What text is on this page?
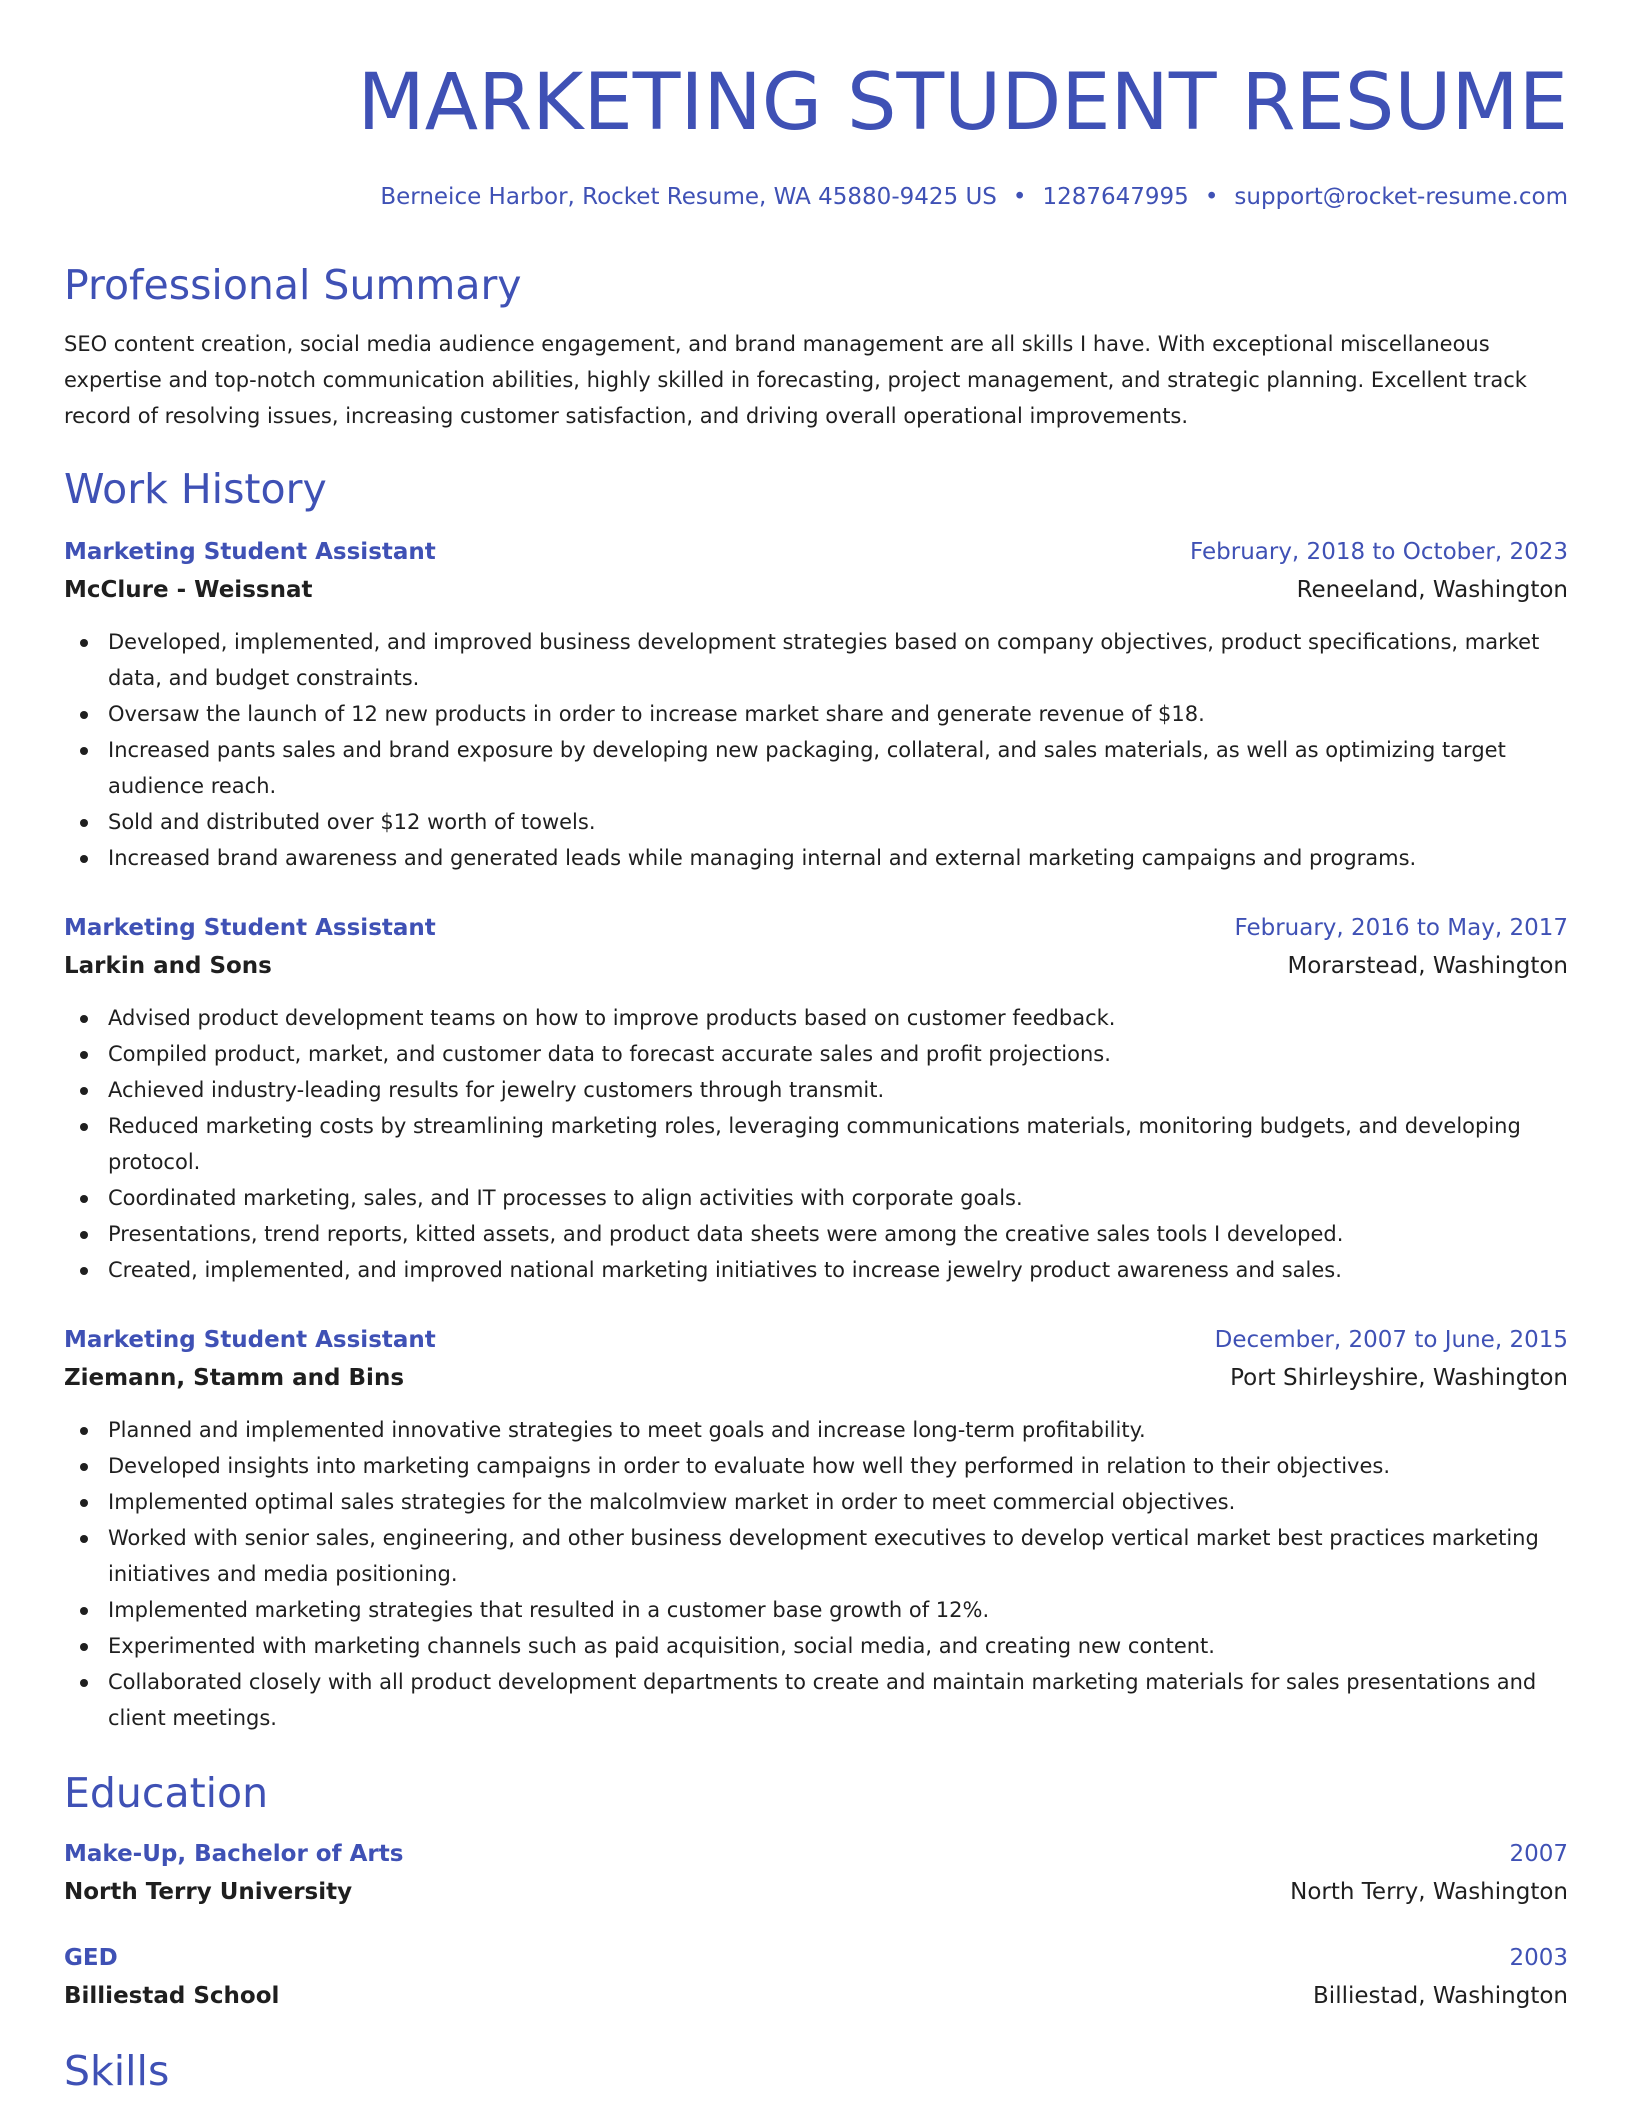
MARKETING STUDENT RESUME
Berneice Harbor, Rocket Resume, WA 45880-9425 US • 1287647995 • support@rocket-resume.com
Professional Summary
SEO content creation, social media audience engagement, and brand management are all skills I have. With exceptional miscellaneous expertise and top-notch communication abilities, highly skilled in forecasting, project management, and strategic planning. Excellent track record of resolving issues, increasing customer satisfaction, and driving overall operational improvements.
Work History
Marketing Student Assistant	February, 2018 to October, 2023
McClure - Weissnat	Reneeland, Washington
Developed, implemented, and improved business development strategies based on company objectives, product specifications, market data, and budget constraints.
Oversaw the launch of 12 new products in order to increase market share and generate revenue of $18.
Increased pants sales and brand exposure by developing new packaging, collateral, and sales materials, as well as optimizing target audience reach.
Sold and distributed over $12 worth of towels.
Increased brand awareness and generated leads while managing internal and external marketing campaigns and programs.
Marketing Student Assistant	February, 2016 to May, 2017
Larkin and Sons	Morarstead, Washington
Advised product development teams on how to improve products based on customer feedback.
Compiled product, market, and customer data to forecast accurate sales and profit projections.
Achieved industry-leading results for jewelry customers through transmit.
Reduced marketing costs by streamlining marketing roles, leveraging communications materials, monitoring budgets, and developing protocol.
Coordinated marketing, sales, and IT processes to align activities with corporate goals.
Presentations, trend reports, kitted assets, and product data sheets were among the creative sales tools I developed.
Created, implemented, and improved national marketing initiatives to increase jewelry product awareness and sales.
Marketing Student Assistant	December, 2007 to June, 2015
Ziemann, Stamm and Bins	Port Shirleyshire, Washington
Planned and implemented innovative strategies to meet goals and increase long-term profitability.
Developed insights into marketing campaigns in order to evaluate how well they performed in relation to their objectives.
Implemented optimal sales strategies for the malcolmview market in order to meet commercial objectives.
Worked with senior sales, engineering, and other business development executives to develop vertical market best practices marketing initiatives and media positioning.
Implemented marketing strategies that resulted in a customer base growth of 12%.
Experimented with marketing channels such as paid acquisition, social media, and creating new content.
Collaborated closely with all product development departments to create and maintain marketing materials for sales presentations and client meetings.
Education
Make-Up, Bachelor of Arts	2007
North Terry University	North Terry, Washington
GED	2003
Billiestad School	Billiestad, Washington
Skills
